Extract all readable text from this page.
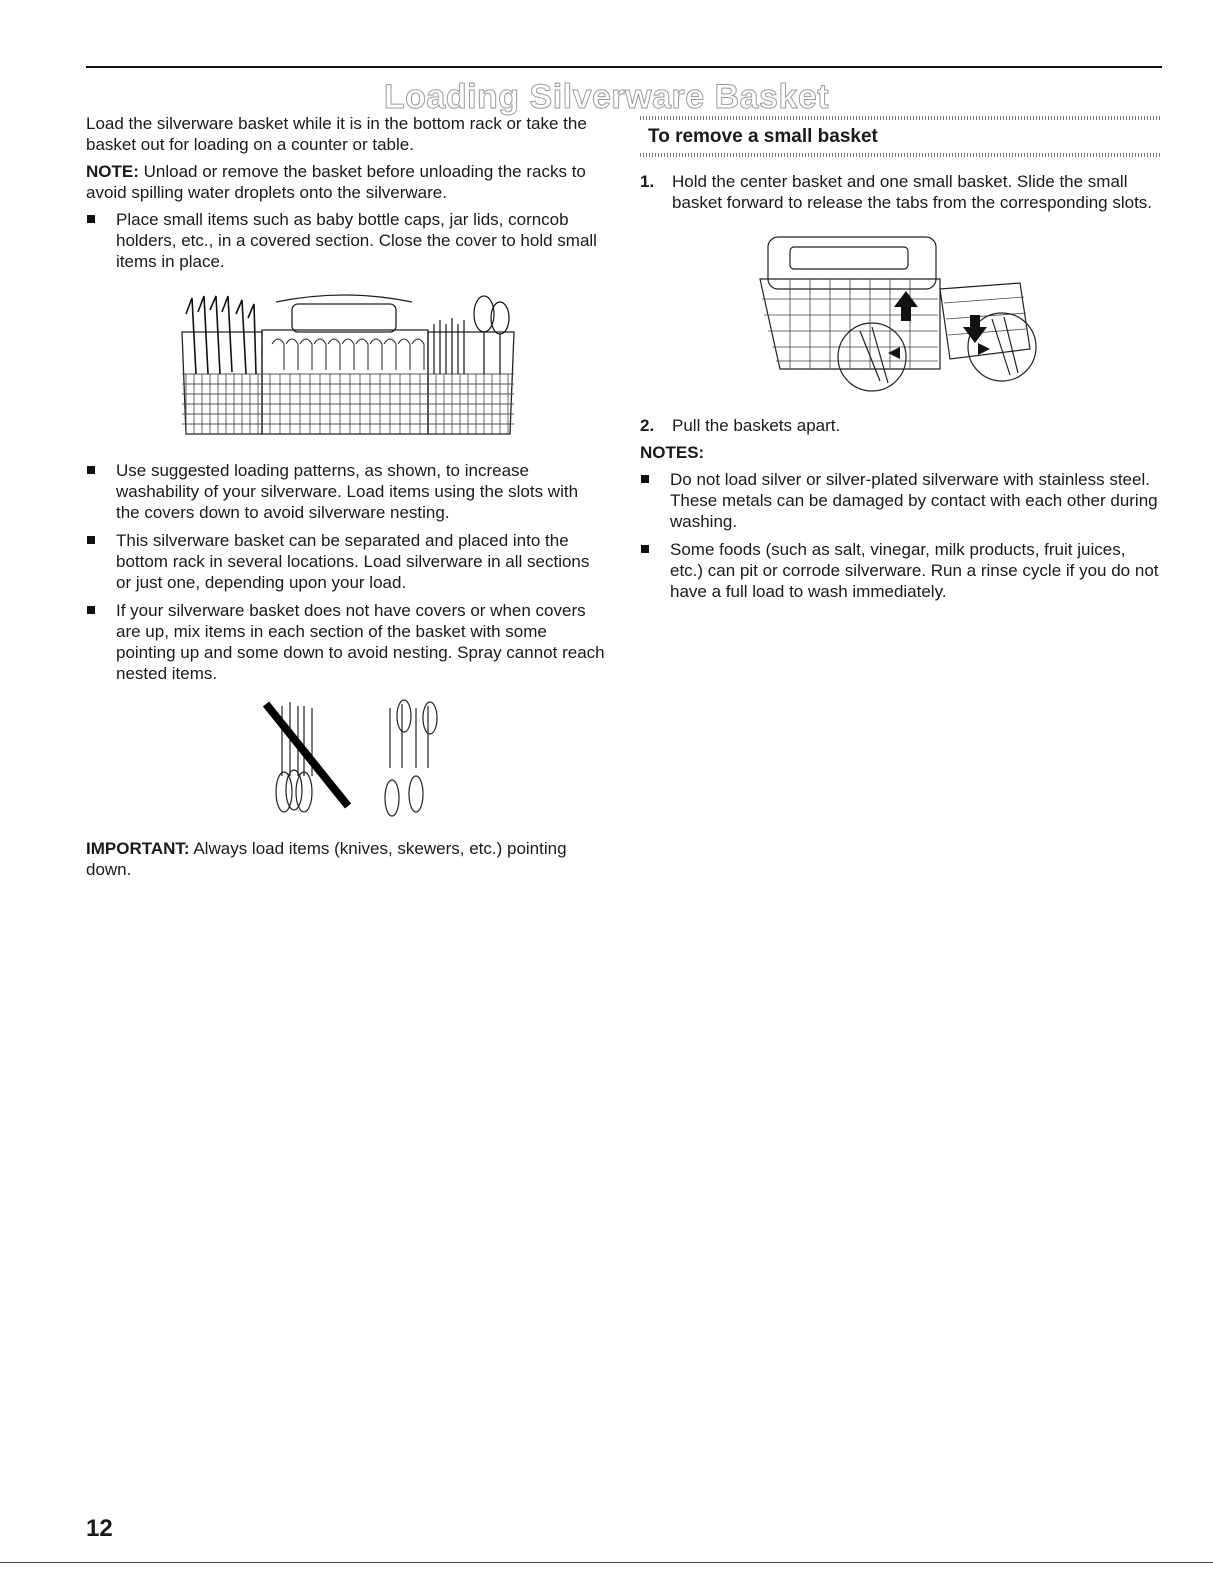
Loading Silverware Basket

Load the silverware basket while it is in the bottom rack or take the basket out for loading on a counter or table.

NOTE: Unload or remove the basket before unloading the racks to avoid spilling water droplets onto the silverware.

Place small items such as baby bottle caps, jar lids, corncob holders, etc., in a covered section. Close the cover to hold small items in place.
Use suggested loading patterns, as shown, to increase washability of your silverware. Load items using the slots with the covers down to avoid silverware nesting.
This silverware basket can be separated and placed into the bottom rack in several locations. Load silverware in all sections or just one, depending upon your load.
If your silverware basket does not have covers or when covers are up, mix items in each section of the basket with some pointing up and some down to avoid nesting. Spray cannot reach nested items.

IMPORTANT: Always load items (knives, skewers, etc.) pointing down.

To remove a small basket
1. Hold the center basket and one small basket. Slide the small basket forward to release the tabs from the corresponding slots.
2. Pull the baskets apart.

NOTES:

Do not load silver or silver-plated silverware with stainless steel. These metals can be damaged by contact with each other during washing.
Some foods (such as salt, vinegar, milk products, fruit juices, etc.) can pit or corrode silverware. Run a rinse cycle if you do not have a full load to wash immediately.
12
